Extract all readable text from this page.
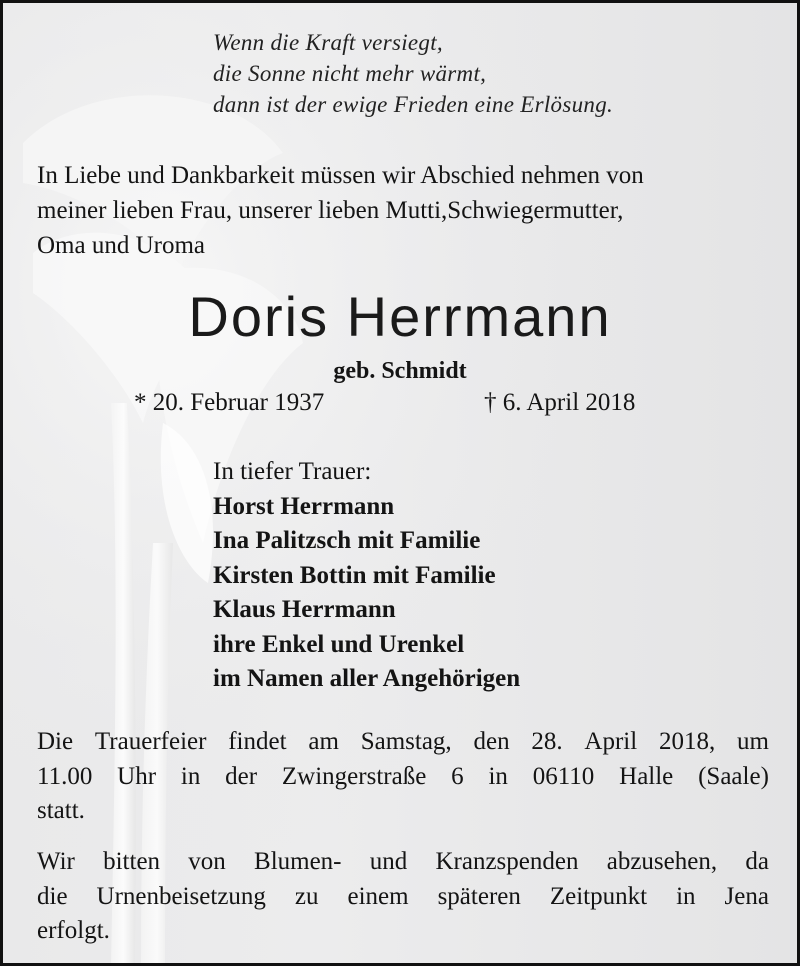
Wenn die Kraft versiegt,
die Sonne nicht mehr wärmt,
dann ist der ewige Frieden eine Erlösung.
In Liebe und Dankbarkeit müssen wir Abschied nehmen von
meiner lieben Frau, unserer lieben Mutti,Schwiegermutter,
Oma und Uroma
Doris Herrmann
geb. Schmidt
* 20. Februar 1937	† 6. April 2018
In tiefer Trauer:
Horst Herrmann
Ina Palitzsch mit Familie
Kirsten Bottin mit Familie
Klaus Herrmann
ihre Enkel und Urenkel
im Namen aller Angehörigen
Die Trauerfeier findet am Samstag, den 28. April 2018, um
11.00 Uhr in der Zwingerstraße 6 in 06110 Halle (Saale)
statt.
Wir bitten von Blumen- und Kranzspenden abzusehen, da
die Urnenbeisetzung zu einem späteren Zeitpunkt in Jena
erfolgt.
